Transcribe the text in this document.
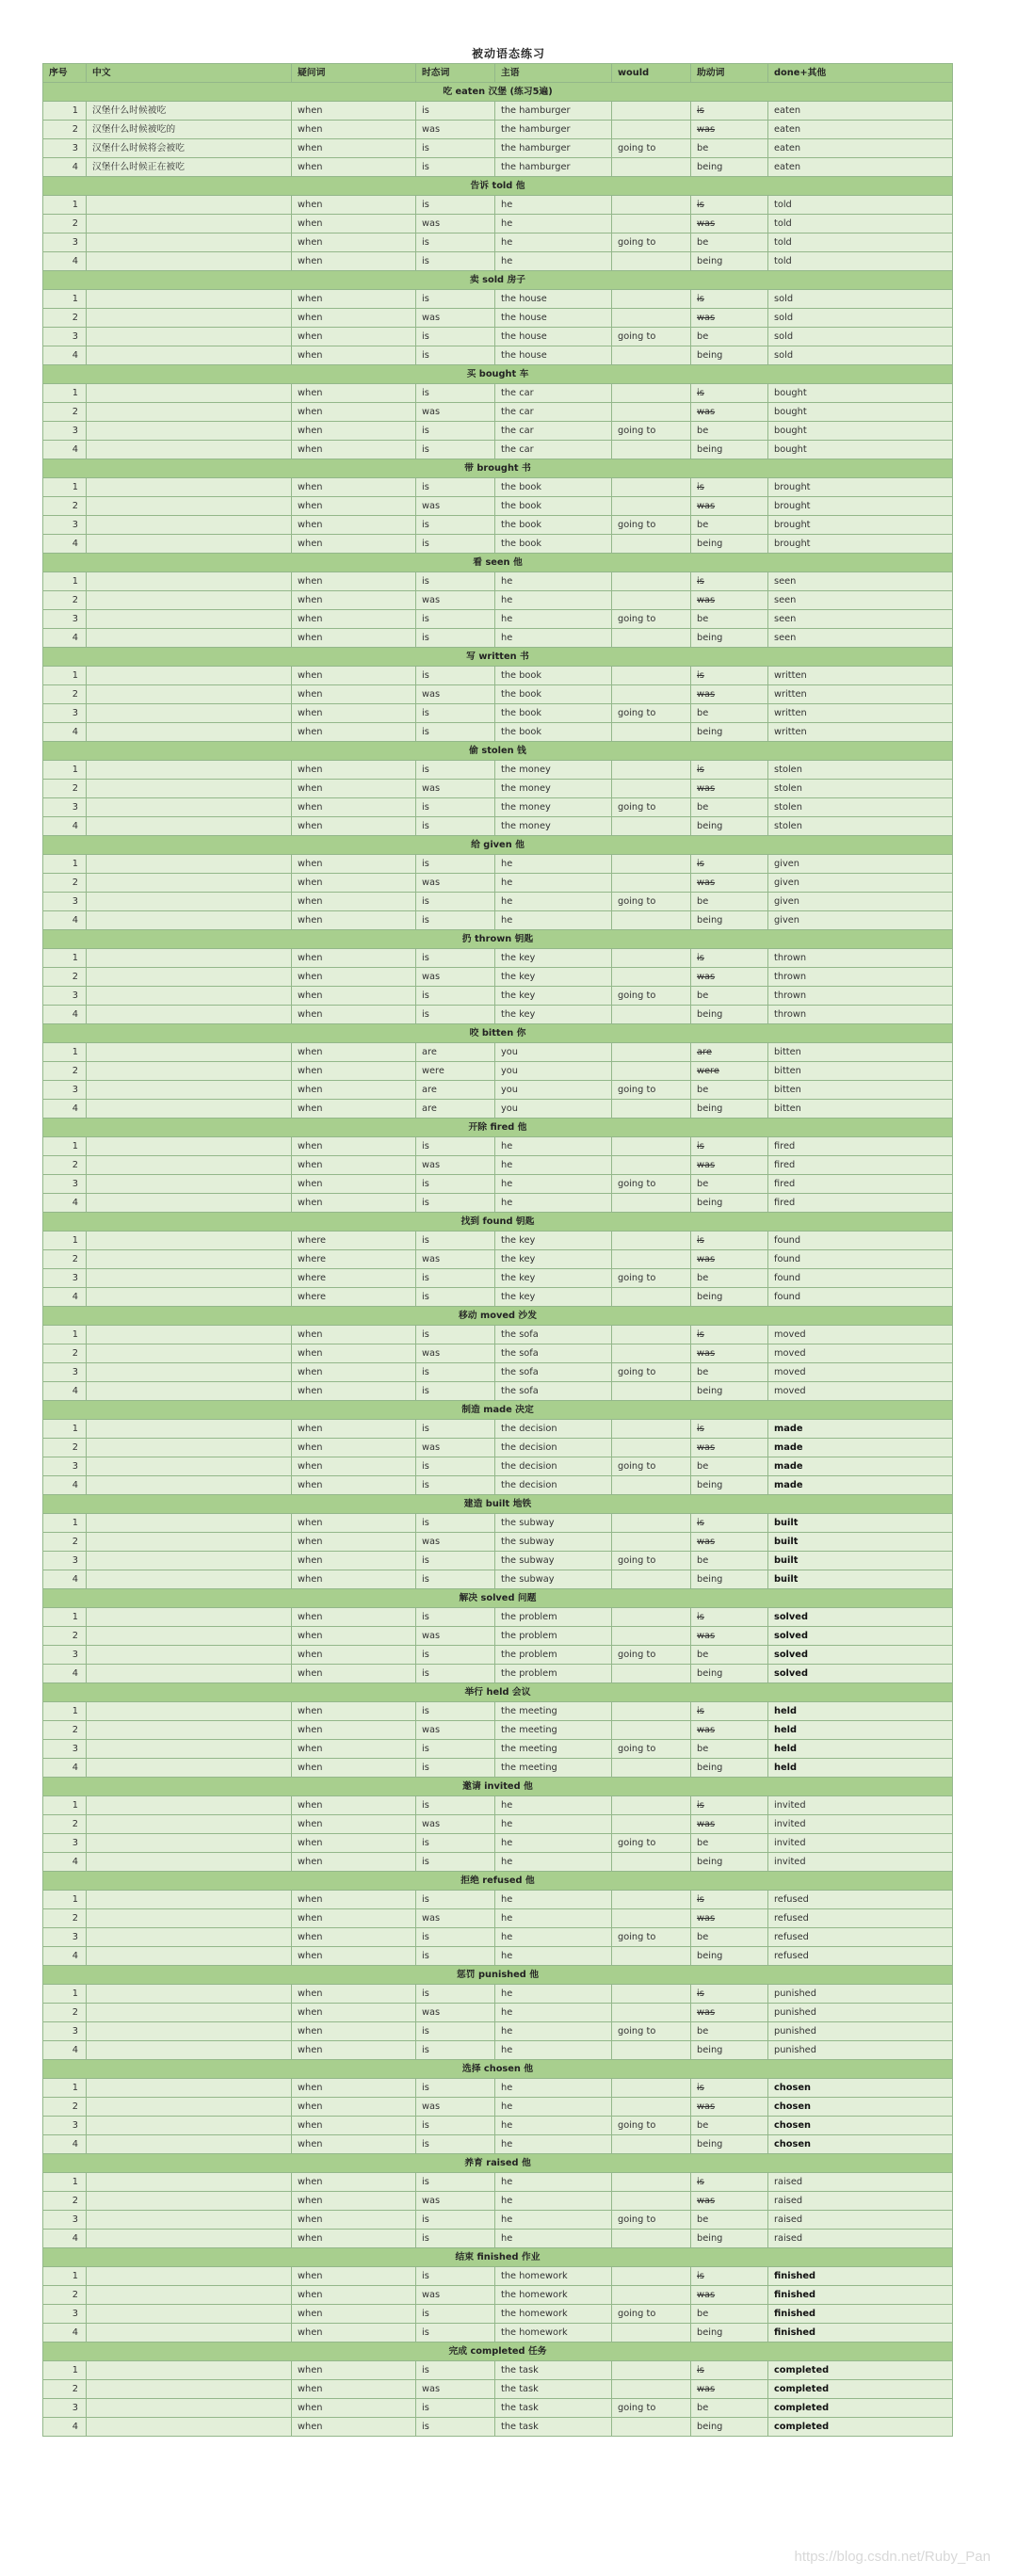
被动语态练习
序号	中文	疑问词	时态词	主语	would	助动词	done+其他
吃 eaten 汉堡 (练习5遍)							
1	汉堡什么时候被吃	when	is	the hamburger		is	eaten
2	汉堡什么时候被吃的	when	was	the hamburger		was	eaten
3	汉堡什么时候将会被吃	when	is	the hamburger	going to	be	eaten
4	汉堡什么时候正在被吃	when	is	the hamburger		being	eaten
告诉 told 他							
1		when	is	he		is	told
2		when	was	he		was	told
3		when	is	he	going to	be	told
4		when	is	he		being	told
卖 sold 房子							
1		when	is	the house		is	sold
2		when	was	the house		was	sold
3		when	is	the house	going to	be	sold
4		when	is	the house		being	sold
买 bought 车							
1		when	is	the car		is	bought
2		when	was	the car		was	bought
3		when	is	the car	going to	be	bought
4		when	is	the car		being	bought
带 brought 书							
1		when	is	the book		is	brought
2		when	was	the book		was	brought
3		when	is	the book	going to	be	brought
4		when	is	the book		being	brought
看 seen 他							
1		when	is	he		is	seen
2		when	was	he		was	seen
3		when	is	he	going to	be	seen
4		when	is	he		being	seen
写 written 书							
1		when	is	the book		is	written
2		when	was	the book		was	written
3		when	is	the book	going to	be	written
4		when	is	the book		being	written
偷 stolen 钱							
1		when	is	the money		is	stolen
2		when	was	the money		was	stolen
3		when	is	the money	going to	be	stolen
4		when	is	the money		being	stolen
给 given 他							
1		when	is	he		is	given
2		when	was	he		was	given
3		when	is	he	going to	be	given
4		when	is	he		being	given
扔 thrown 钥匙							
1		when	is	the key		is	thrown
2		when	was	the key		was	thrown
3		when	is	the key	going to	be	thrown
4		when	is	the key		being	thrown
咬 bitten 你							
1		when	are	you		are	bitten
2		when	were	you		were	bitten
3		when	are	you	going to	be	bitten
4		when	are	you		being	bitten
开除 fired 他							
1		when	is	he		is	fired
2		when	was	he		was	fired
3		when	is	he	going to	be	fired
4		when	is	he		being	fired
找到 found 钥匙							
1		where	is	the key		is	found
2		where	was	the key		was	found
3		where	is	the key	going to	be	found
4		where	is	the key		being	found
移动 moved 沙发							
1		when	is	the sofa		is	moved
2		when	was	the sofa		was	moved
3		when	is	the sofa	going to	be	moved
4		when	is	the sofa		being	moved
制造 made 决定							
1		when	is	the decision		is	made
2		when	was	the decision		was	made
3		when	is	the decision	going to	be	made
4		when	is	the decision		being	made
建造 built 地铁							
1		when	is	the subway		is	built
2		when	was	the subway		was	built
3		when	is	the subway	going to	be	built
4		when	is	the subway		being	built
解决 solved 问题							
1		when	is	the problem		is	solved
2		when	was	the problem		was	solved
3		when	is	the problem	going to	be	solved
4		when	is	the problem		being	solved
举行 held 会议							
1		when	is	the meeting		is	held
2		when	was	the meeting		was	held
3		when	is	the meeting	going to	be	held
4		when	is	the meeting		being	held
邀请 invited 他							
1		when	is	he		is	invited
2		when	was	he		was	invited
3		when	is	he	going to	be	invited
4		when	is	he		being	invited
拒绝 refused 他							
1		when	is	he		is	refused
2		when	was	he		was	refused
3		when	is	he	going to	be	refused
4		when	is	he		being	refused
惩罚 punished 他							
1		when	is	he		is	punished
2		when	was	he		was	punished
3		when	is	he	going to	be	punished
4		when	is	he		being	punished
选择 chosen 他							
1		when	is	he		is	chosen
2		when	was	he		was	chosen
3		when	is	he	going to	be	chosen
4		when	is	he		being	chosen
养育 raised 他							
1		when	is	he		is	raised
2		when	was	he		was	raised
3		when	is	he	going to	be	raised
4		when	is	he		being	raised
结束 finished 作业							
1		when	is	the homework		is	finished
2		when	was	the homework		was	finished
3		when	is	the homework	going to	be	finished
4		when	is	the homework		being	finished
完成 completed 任务							
1		when	is	the task		is	completed
2		when	was	the task		was	completed
3		when	is	the task	going to	be	completed
4		when	is	the task		being	completed
https://blog.csdn.net/Ruby_Pan
